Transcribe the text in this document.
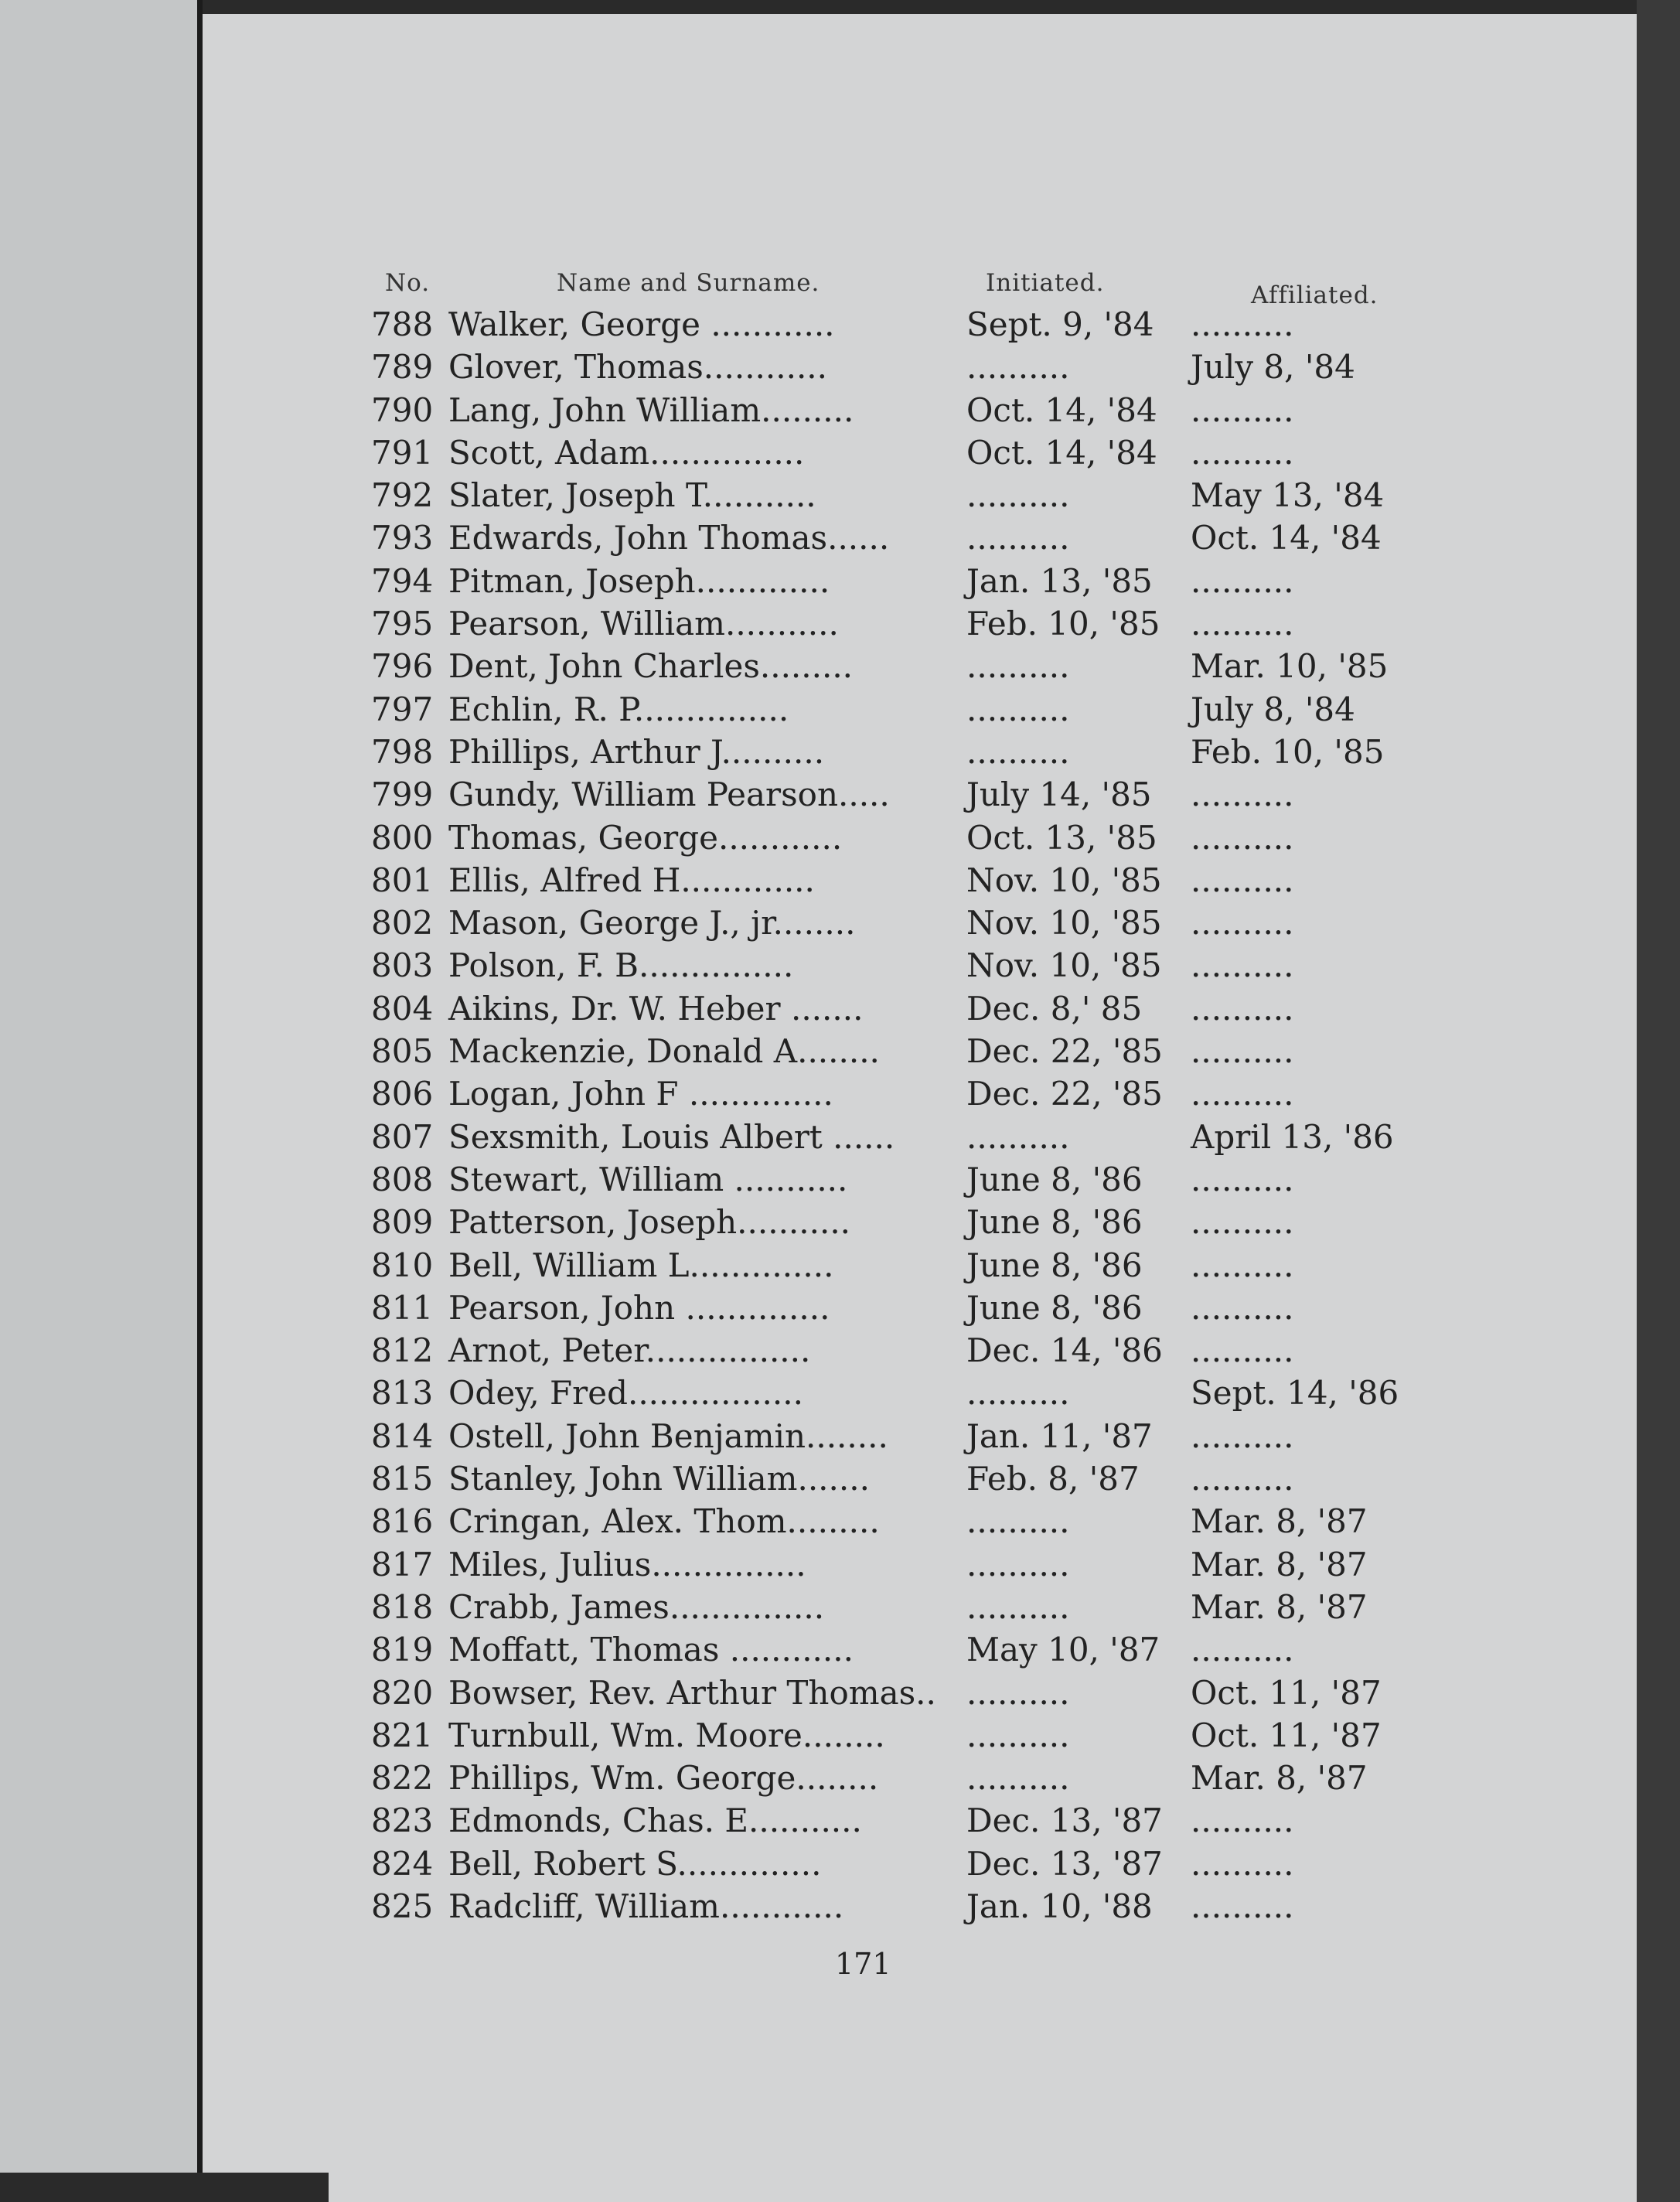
No.	Name and Surname.	Initiated.	Affiliated.
788 Walker, George ............	Sept. 9, '84	..........
789 Glover, Thomas............	..........	July 8, '84
790 Lang, John William.........	Oct. 14, '84	..........
791 Scott, Adam...............	Oct. 14, '84	..........
792 Slater, Joseph T...........	..........	May 13, '84
793 Edwards, John Thomas......	..........	Oct. 14, '84
794 Pitman, Joseph.............	Jan. 13, '85	..........
795 Pearson, William...........	Feb. 10, '85 ..........
796 Dent, John Charles.........	..........	Mar. 10, '85
797 Echlin, R. P...............	..........	July 8, '84
798 Phillips, Arthur J..........	..........	Feb. 10, '85
799 Gundy, William Pearson.....	July 14, '85	..........
800 Thomas, George............	Oct. 13, '85	..........
801 Ellis, Alfred H.............	Nov. 10, '85 ..........
802 Mason, George J., jr........	Nov. 10, '85 ..........
803 Polson, F. B...............	Nov. 10, '85 ..........
804 Aikins, Dr. W. Heber .......	Dec. 8,' 85	..........
805 Mackenzie, Donald A........	Dec. 22, '85 ..........
806 Logan, John F ..............	Dec. 22, '85 ..........
807 Sexsmith, Louis Albert ......	..........	April 13, '86
808 Stewart, William ...........	June 8, '86	..........
809 Patterson, Joseph...........	June 8, '86	..........
810 Bell, William L..............	June 8, '86	..........
811 Pearson, John ..............	June 8, '86	..........
812 Arnot, Peter................	Dec. 14, '86 ..........
813 Odey, Fred.................	..........	Sept. 14, '86
814 Ostell, John Benjamin........	Jan. 11, '87	..........
815 Stanley, John William.......	Feb. 8, '87	..........
816 Cringan, Alex. Thom.........	..........	Mar. 8, '87
817 Miles, Julius...............	..........	Mar. 8, '87
818 Crabb, James...............	..........	Mar. 8, '87
819 Moffatt, Thomas ............	May 10, '87 ..........
820 Bowser, Rev. Arthur Thomas.. ..........	Oct. 11, '87
821 Turnbull, Wm. Moore........	..........	Oct. 11, '87
822 Phillips, Wm. George........	..........	Mar. 8, '87
823 Edmonds, Chas. E...........	Dec. 13, '87 ..........
824 Bell, Robert S..............	Dec. 13, '87 ..........
825 Radcliff, William............	Jan. 10, '88	..........
171
